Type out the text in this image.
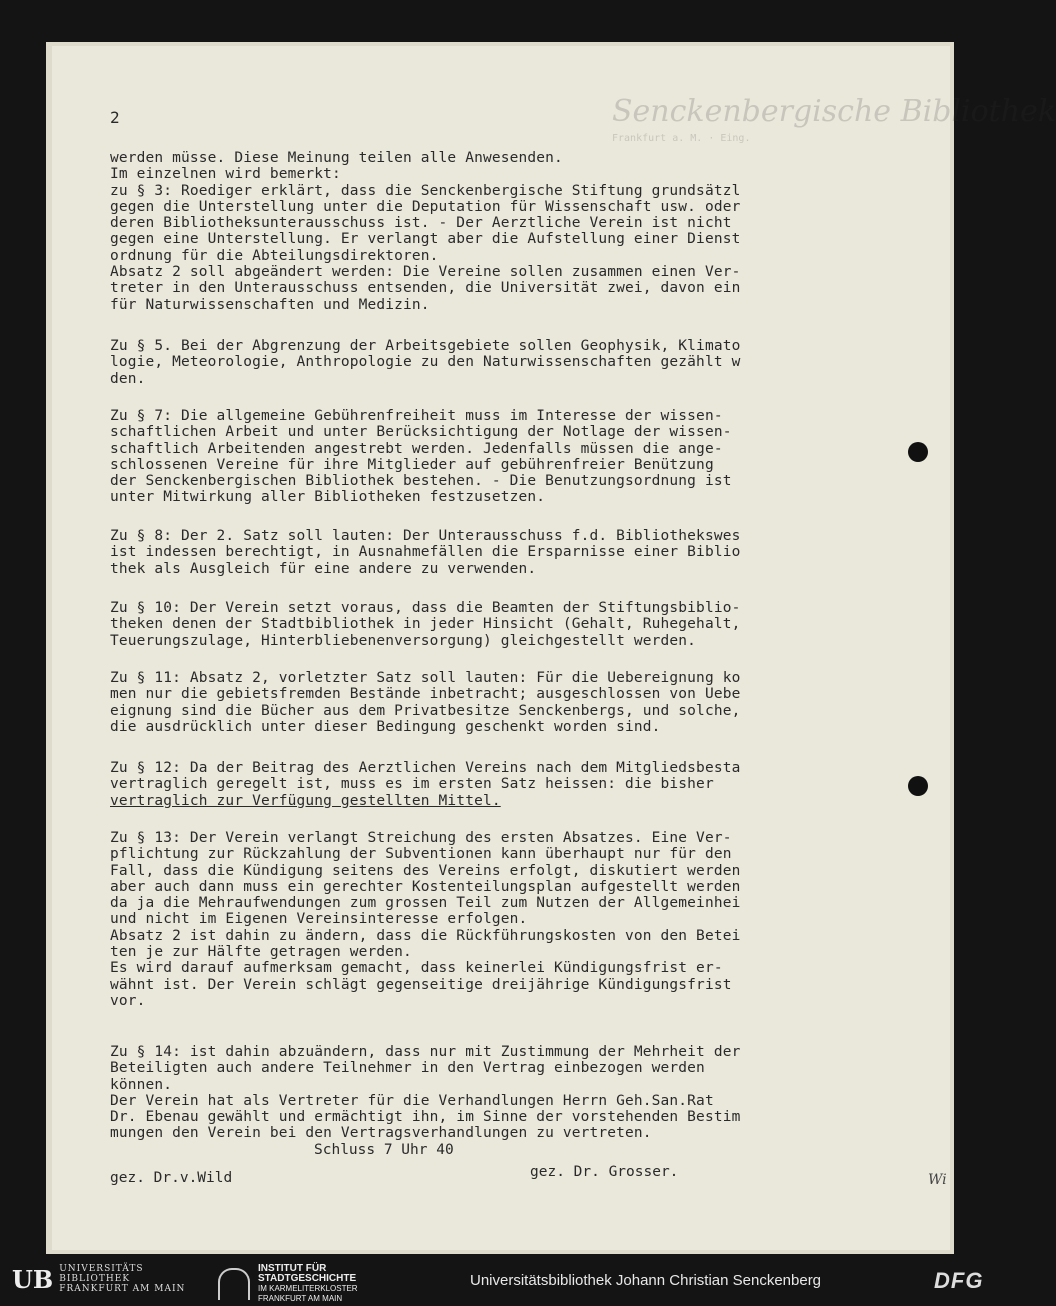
Senckenbergische Bibliothek
Frankfurt a. M. · Eing.
2
werden müsse. Diese Meinung teilen alle Anwesenden.
Im einzelnen wird bemerkt:
zu § 3: Roediger erklärt, dass die Senckenbergische Stiftung grundsätzl
gegen die Unterstellung unter die Deputation für Wissenschaft usw. oder
deren Bibliotheksunterausschuss ist. - Der Aerztliche Verein ist nicht
gegen eine Unterstellung. Er verlangt aber die Aufstellung einer Dienst
ordnung für die Abteilungsdirektoren.
Absatz 2 soll abgeändert werden: Die Vereine sollen zusammen einen Ver-
treter in den Unterausschuss entsenden, die Universität zwei, davon ein
für Naturwissenschaften und Medizin.
Zu § 5. Bei der Abgrenzung der Arbeitsgebiete sollen Geophysik, Klimato
logie, Meteorologie, Anthropologie zu den Naturwissenschaften gezählt w
den.
Zu § 7: Die allgemeine Gebührenfreiheit muss im Interesse der wissen-
schaftlichen Arbeit und unter Berücksichtigung der Notlage der wissen-
schaftlich Arbeitenden angestrebt werden. Jedenfalls müssen die ange-
schlossenen Vereine für ihre Mitglieder auf gebührenfreier Benützung
der Senckenbergischen Bibliothek bestehen. - Die Benutzungsordnung ist
unter Mitwirkung aller Bibliotheken festzusetzen.
Zu § 8: Der 2. Satz soll lauten: Der Unterausschuss f.d. Bibliothekswes
ist indessen berechtigt, in Ausnahmefällen die Ersparnisse einer Biblio
thek als Ausgleich für eine andere zu verwenden.
Zu § 10: Der Verein setzt voraus, dass die Beamten der Stiftungsbiblio-
theken denen der Stadtbibliothek in jeder Hinsicht (Gehalt, Ruhegehalt,
Teuerungszulage, Hinterbliebenenversorgung) gleichgestellt werden.
Zu § 11: Absatz 2, vorletzter Satz soll lauten: Für die Uebereignung ko
men nur die gebietsfremden Bestände inbetracht; ausgeschlossen von Uebe
eignung sind die Bücher aus dem Privatbesitze Senckenbergs, und solche,
die ausdrücklich unter dieser Bedingung geschenkt worden sind.
Zu § 12: Da der Beitrag des Aerztlichen Vereins nach dem Mitgliedsbesta
vertraglich geregelt ist, muss es im ersten Satz heissen: die bisher
vertraglich zur Verfügung gestellten Mittel.
Zu § 13: Der Verein verlangt Streichung des ersten Absatzes. Eine Ver-
pflichtung zur Rückzahlung der Subventionen kann überhaupt nur für den
Fall, dass die Kündigung seitens des Vereins erfolgt, diskutiert werden
aber auch dann muss ein gerechter Kostenteilungsplan aufgestellt werden
da ja die Mehraufwendungen zum grossen Teil zum Nutzen der Allgemeinhei
und nicht im Eigenen Vereinsinteresse erfolgen.
Absatz 2 ist dahin zu ändern, dass die Rückführungskosten von den Betei
ten je zur Hälfte getragen werden.
Es wird darauf aufmerksam gemacht, dass keinerlei Kündigungsfrist er-
wähnt ist. Der Verein schlägt gegenseitige dreijährige Kündigungsfrist
vor.
Zu § 14: ist dahin abzuändern, dass nur mit Zustimmung der Mehrheit der
Beteiligten auch andere Teilnehmer in den Vertrag einbezogen werden
können.
Der Verein hat als Vertreter für die Verhandlungen Herrn Geh.San.Rat
Dr. Ebenau gewählt und ermächtigt ihn, im Sinne der vorstehenden Bestim
mungen den Verein bei den Vertragsverhandlungen zu vertreten.
Schluss 7 Uhr 40
gez. Dr.v.Wild	gez. Dr. Grosser.	Wi
UB UNIVERSITÄTS
BIBLIOTHEK
FRANKFURT AM MAIN
INSTITUT FÜR
STADTGESCHICHTE
IM KARMELITERKLOSTER
FRANKFURT AM MAIN
Universitätsbibliothek Johann Christian Senckenberg	DFG
